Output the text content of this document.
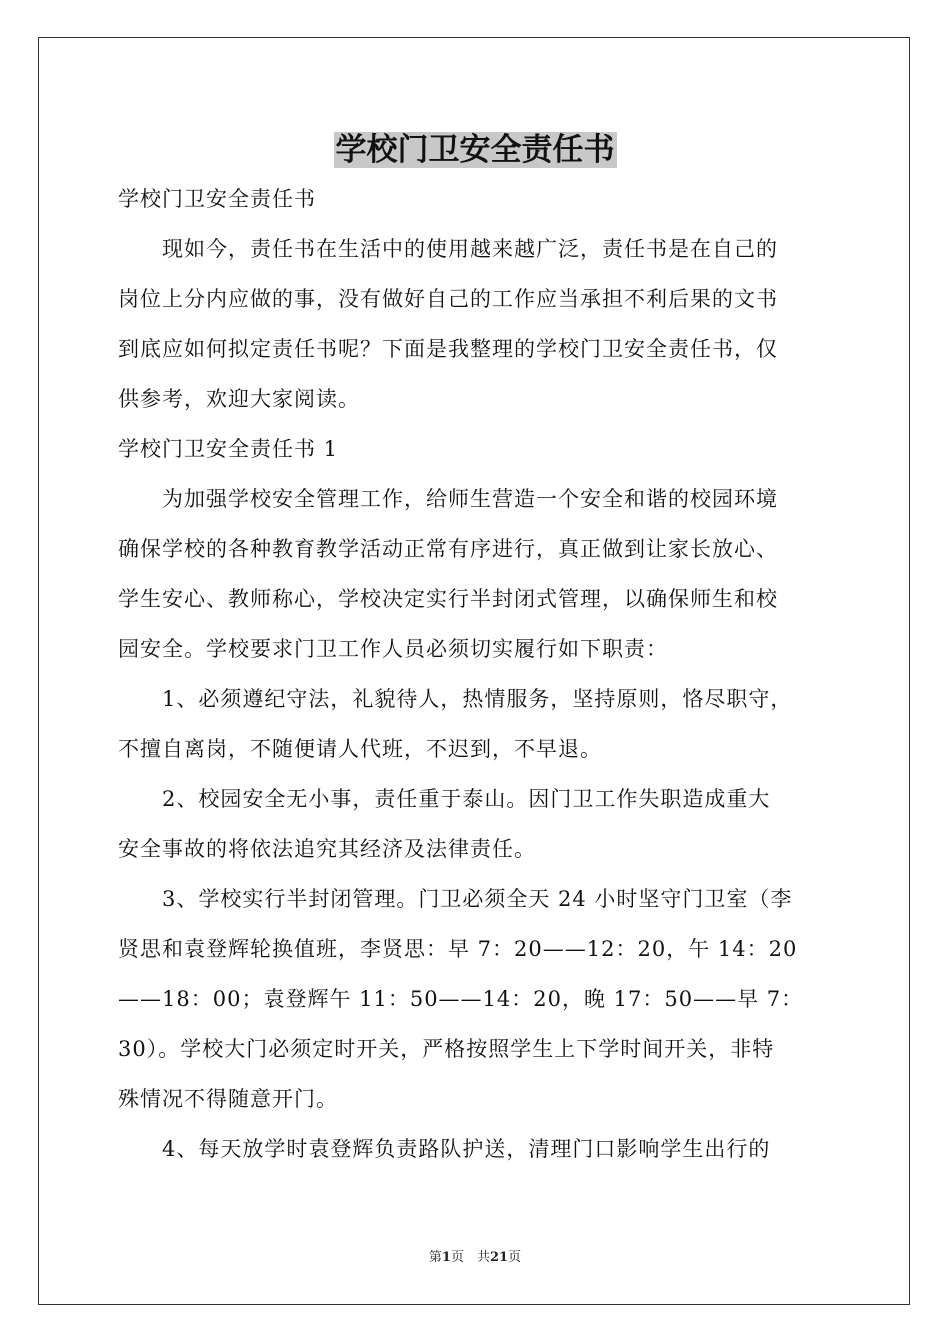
学校门卫安全责任书
学校门卫安全责任书
　　现如今，责任书在生活中的使用越来越广泛，责任书是在自己的
岗位上分内应做的事，没有做好自己的工作应当承担不利后果的文书
到底应如何拟定责任书呢？下面是我整理的学校门卫安全责任书，仅
供参考，欢迎大家阅读。
学校门卫安全责任书 1
　　为加强学校安全管理工作，给师生营造一个安全和谐的校园环境
确保学校的各种教育教学活动正常有序进行，真正做到让家长放心、
学生安心、教师称心，学校决定实行半封闭式管理，以确保师生和校
园安全。学校要求门卫工作人员必须切实履行如下职责：
　　1、必须遵纪守法，礼貌待人，热情服务，坚持原则，恪尽职守，
不擅自离岗，不随便请人代班，不迟到，不早退。
　　2、校园安全无小事，责任重于泰山。因门卫工作失职造成重大
安全事故的将依法追究其经济及法律责任。
　　3、学校实行半封闭管理。门卫必须全天 24 小时坚守门卫室（李
贤思和袁登辉轮换值班，李贤思：早 7：20——12：20，午 14：20
——18：00；袁登辉午 11：50——14：20，晚 17：50——早 7：
30）。学校大门必须定时开关，严格按照学生上下学时间开关，非特
殊情况不得随意开门。
　　4、每天放学时袁登辉负责路队护送，清理门口影响学生出行的
第1页　共21页
